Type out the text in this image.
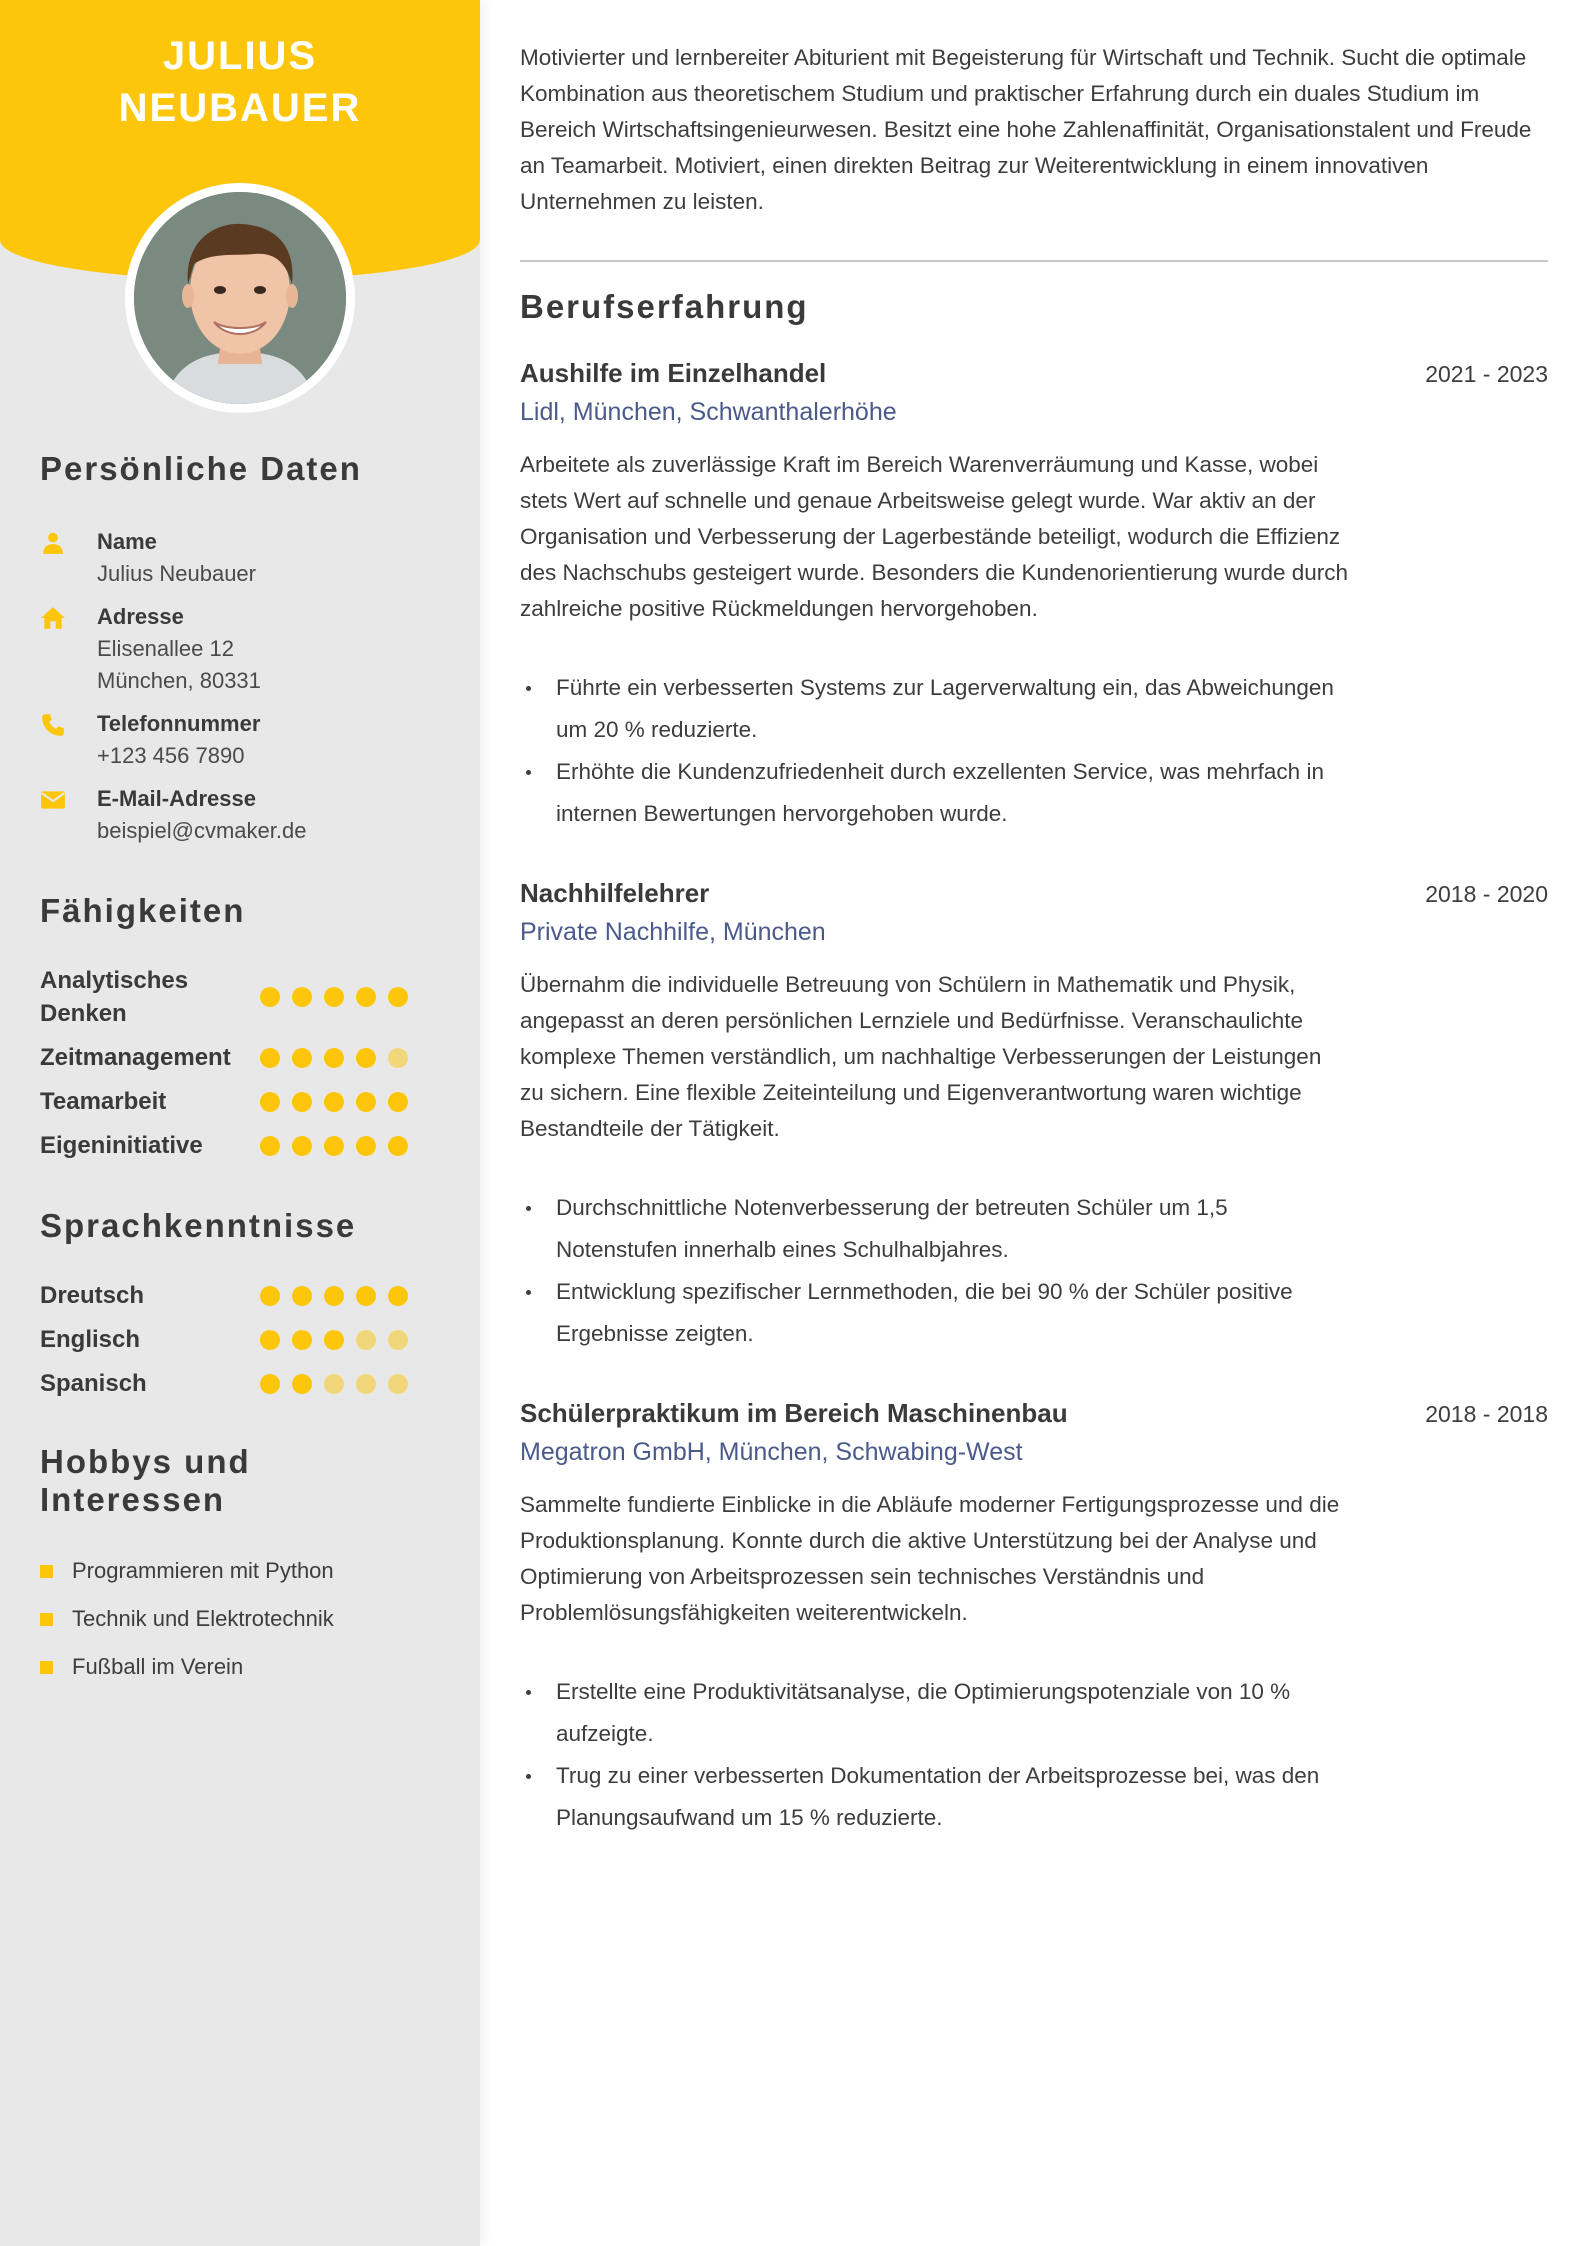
JULIUS
NEUBAUER
Persönliche Daten
Name
Julius Neubauer
Adresse
Elisenallee 12
München, 80331
Telefonnummer
+123 456 7890
E-Mail-Adresse
beispiel@cvmaker.de
Fähigkeiten
Analytisches Denken
Zeitmanagement
Teamarbeit
Eigeninitiative
Sprachkenntnisse
Dreutsch
Englisch
Spanisch
Hobbys und Interessen
Programmieren mit Python
Technik und Elektrotechnik
Fußball im Verein

Motivierter und lernbereiter Abiturient mit Begeisterung für Wirtschaft und Technik. Sucht die optimale Kombination aus theoretischem Studium und praktischer Erfahrung durch ein duales Studium im Bereich Wirtschaftsingenieurwesen. Besitzt eine hohe Zahlenaffinität, Organisationstalent und Freude an Teamarbeit. Motiviert, einen direkten Beitrag zur Weiterentwicklung in einem innovativen Unternehmen zu leisten.

Berufserfahrung
Aushilfe im Einzelhandel	2021 - 2023
Lidl, München, Schwanthalerhöhe

Arbeitete als zuverlässige Kraft im Bereich Warenverräumung und Kasse, wobei stets Wert auf schnelle und genaue Arbeitsweise gelegt wurde. War aktiv an der Organisation und Verbesserung der Lagerbestände beteiligt, wodurch die Effizienz des Nachschubs gesteigert wurde. Besonders die Kundenorientierung wurde durch zahlreiche positive Rückmeldungen hervorgehoben.

Führte ein verbesserten Systems zur Lagerverwaltung ein, das Abweichungen um 20 % reduzierte.
Erhöhte die Kundenzufriedenheit durch exzellenten Service, was mehrfach in internen Bewertungen hervorgehoben wurde.
Nachhilfelehrer	2018 - 2020
Private Nachhilfe, München

Übernahm die individuelle Betreuung von Schülern in Mathematik und Physik, angepasst an deren persönlichen Lernziele und Bedürfnisse. Veranschaulichte komplexe Themen verständlich, um nachhaltige Verbesserungen der Leistungen zu sichern. Eine flexible Zeiteinteilung und Eigenverantwortung waren wichtige Bestandteile der Tätigkeit.

Durchschnittliche Notenverbesserung der betreuten Schüler um 1,5 Notenstufen innerhalb eines Schulhalbjahres.
Entwicklung spezifischer Lernmethoden, die bei 90 % der Schüler positive Ergebnisse zeigten.
Schülerpraktikum im Bereich Maschinenbau	2018 - 2018
Megatron GmbH, München, Schwabing-West

Sammelte fundierte Einblicke in die Abläufe moderner Fertigungsprozesse und die Produktionsplanung. Konnte durch die aktive Unterstützung bei der Analyse und Optimierung von Arbeitsprozessen sein technisches Verständnis und Problemlösungsfähigkeiten weiterentwickeln.

Erstellte eine Produktivitätsanalyse, die Optimierungspotenziale von 10 % aufzeigte.
Trug zu einer verbesserten Dokumentation der Arbeitsprozesse bei, was den Planungsaufwand um 15 % reduzierte.
